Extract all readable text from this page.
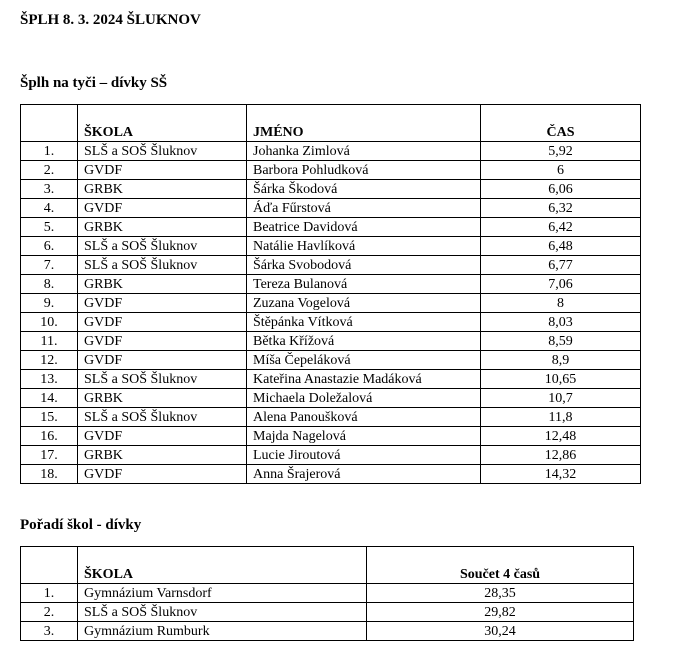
ŠPLH 8. 3. 2024 ŠLUKNOV
Šplh na tyči – dívky SŠ
	ŠKOLA	JMÉNO	ČAS
1.	SLŠ a SOŠ Šluknov	Johanka Zimlová	5,92
2.	GVDF	Barbora Pohludková	6
3.	GRBK	Šárka Škodová	6,06
4.	GVDF	Áďa Fűrstová	6,32
5.	GRBK	Beatrice Davidová	6,42
6.	SLŠ a SOŠ Šluknov	Natálie Havlíková	6,48
7.	SLŠ a SOŠ Šluknov	Šárka Svobodová	6,77
8.	GRBK	Tereza Bulanová	7,06
9.	GVDF	Zuzana Vogelová	8
10.	GVDF	Štěpánka Vítková	8,03
11.	GVDF	Bětka Křížová	8,59
12.	GVDF	Míša Čepeláková	8,9
13.	SLŠ a SOŠ Šluknov	Kateřina Anastazie Madáková	10,65
14.	GRBK	Michaela Doležalová	10,7
15.	SLŠ a SOŠ Šluknov	Alena Panoušková	11,8
16.	GVDF	Majda Nagelová	12,48
17.	GRBK	Lucie Jiroutová	12,86
18.	GVDF	Anna Šrajerová	14,32
Pořadí škol - dívky
	ŠKOLA	Součet 4 časů
1.	Gymnázium Varnsdorf	28,35
2.	SLŠ a SOŠ Šluknov	29,82
3.	Gymnázium Rumburk	30,24
